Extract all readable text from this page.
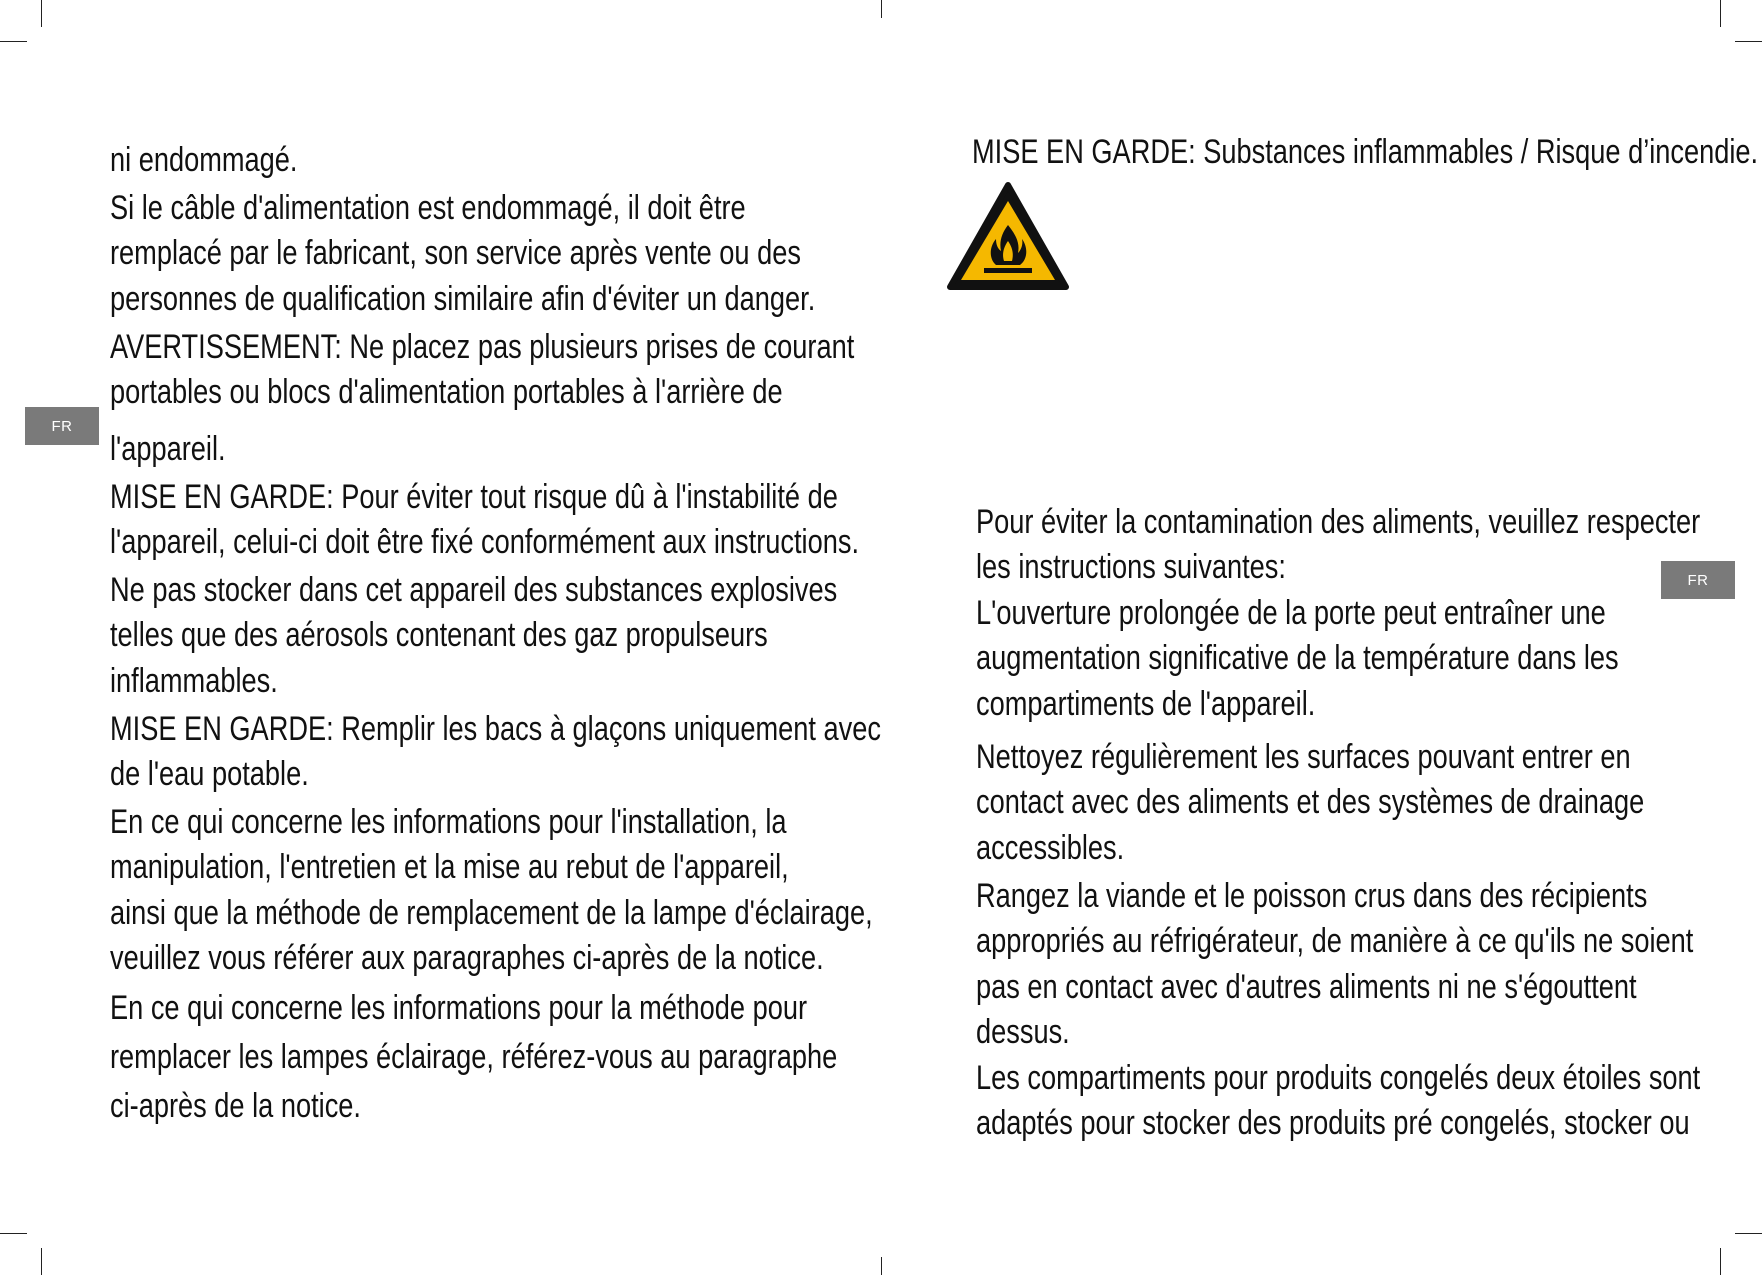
FR
FR
ni endommagé.
Si le câble d'alimentation est endommagé, il doit être
remplacé par le fabricant, son service après vente ou des
personnes de qualification similaire afin d'éviter un danger.
AVERTISSEMENT: Ne placez pas plusieurs prises de courant
portables ou blocs d'alimentation portables à l'arrière de
l'appareil.
MISE EN GARDE: Pour éviter tout risque dû à l'instabilité de
l'appareil, celui-ci doit être fixé conformément aux instructions.
Ne pas stocker dans cet appareil des substances explosives
telles que des aérosols contenant des gaz propulseurs
inflammables.
MISE EN GARDE: Remplir les bacs à glaçons uniquement avec
de l'eau potable.
En ce qui concerne les informations pour l'installation, la
manipulation, l'entretien et la mise au rebut de l'appareil,
ainsi que la méthode de remplacement de la lampe d'éclairage,
veuillez vous référer aux paragraphes ci-après de la notice.
En ce qui concerne les informations pour la méthode pour
remplacer les lampes éclairage, référez-vous au paragraphe
ci-après de la notice.
MISE EN GARDE: Substances inflammables / Risque d’incendie.
Pour éviter la contamination des aliments, veuillez respecter
les instructions suivantes:
L'ouverture prolongée de la porte peut entraîner une
augmentation significative de la température dans les
compartiments de l'appareil.
Nettoyez régulièrement les surfaces pouvant entrer en
contact avec des aliments et des systèmes de drainage
accessibles.
Rangez la viande et le poisson crus dans des récipients
appropriés au réfrigérateur, de manière à ce qu'ils ne soient
pas en contact avec d'autres aliments ni ne s'égouttent
dessus.
Les compartiments pour produits congelés deux étoiles sont
adaptés pour stocker des produits pré congelés, stocker ou
